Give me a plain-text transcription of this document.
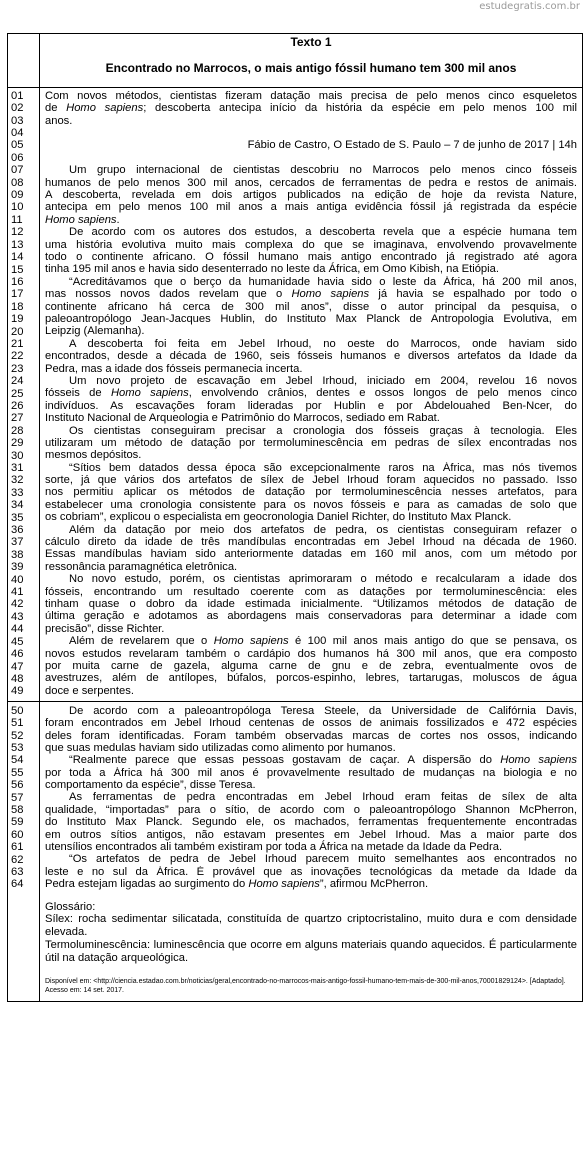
estudegratis.com.br
Texto 1
Encontrado no Marrocos, o mais antigo fóssil humano tem 300 mil anos
01
02
03
04
05
06
07
08
09
10
11
12
13
14
15
16
17
18
19
20
21
22
23
24
25
26
27
28
29
30
31
32
33
34
35
36
37
38
39
40
41
42
43
44
45
46
47
48
49
Com novos métodos, cientistas fizeram datação mais precisa de pelo menos cinco esqueletos
de Homo sapiens; descoberta antecipa início da história da espécie em pelo menos 100 mil
anos.

Fábio de Castro, O Estado de S. Paulo – 7 de junho de 2017 | 14h

Um grupo internacional de cientistas descobriu no Marrocos pelo menos cinco fósseis
humanos de pelo menos 300 mil anos, cercados de ferramentas de pedra e restos de animais.
A descoberta, revelada em dois artigos publicados na edição de hoje da revista Nature,
antecipa em pelo menos 100 mil anos a mais antiga evidência fóssil já registrada da espécie
Homo sapiens.
De acordo com os autores dos estudos, a descoberta revela que a espécie humana tem
uma história evolutiva muito mais complexa do que se imaginava, envolvendo provavelmente
todo o continente africano. O fóssil humano mais antigo encontrado já registrado até agora
tinha 195 mil anos e havia sido desenterrado no leste da África, em Omo Kibish, na Etiópia.
“Acreditávamos que o berço da humanidade havia sido o leste da África, há 200 mil anos,
mas nossos novos dados revelam que o Homo sapiens já havia se espalhado por todo o
continente africano há cerca de 300 mil anos”, disse o autor principal da pesquisa, o
paleoantropólogo Jean-Jacques Hublin, do Instituto Max Planck de Antropologia Evolutiva, em
Leipzig (Alemanha).
A descoberta foi feita em Jebel Irhoud, no oeste do Marrocos, onde haviam sido
encontrados, desde a década de 1960, seis fósseis humanos e diversos artefatos da Idade da
Pedra, mas a idade dos fósseis permanecia incerta.
Um novo projeto de escavação em Jebel Irhoud, iniciado em 2004, revelou 16 novos
fósseis de Homo sapiens, envolvendo crânios, dentes e ossos longos de pelo menos cinco
indivíduos. As escavações foram lideradas por Hublin e por Abdelouahed Ben-Ncer, do
Instituto Nacional de Arqueologia e Patrimônio do Marrocos, sediado em Rabat.
Os cientistas conseguiram precisar a cronologia dos fósseis graças à tecnologia. Eles
utilizaram um método de datação por termoluminescência em pedras de sílex encontradas nos
mesmos depósitos.
“Sítios bem datados dessa época são excepcionalmente raros na África, mas nós tivemos
sorte, já que vários dos artefatos de sílex de Jebel Irhoud foram aquecidos no passado. Isso
nos permitiu aplicar os métodos de datação por termoluminescência nesses artefatos, para
estabelecer uma cronologia consistente para os novos fósseis e para as camadas de solo que
os cobriam”, explicou o especialista em geocronologia Daniel Richter, do Instituto Max Planck.
Além da datação por meio dos artefatos de pedra, os cientistas conseguiram refazer o
cálculo direto da idade de três mandíbulas encontradas em Jebel Irhoud na década de 1960.
Essas mandíbulas haviam sido anteriormente datadas em 160 mil anos, com um método por
ressonância paramagnética eletrônica.
No novo estudo, porém, os cientistas aprimoraram o método e recalcularam a idade dos
fósseis, encontrando um resultado coerente com as datações por termoluminescência: eles
tinham quase o dobro da idade estimada inicialmente. “Utilizamos métodos de datação de
última geração e adotamos as abordagens mais conservadoras para determinar a idade com
precisão”, disse Richter.
Além de revelarem que o Homo sapiens é 100 mil anos mais antigo do que se pensava, os
novos estudos revelaram também o cardápio dos humanos há 300 mil anos, que era composto
por muita carne de gazela, alguma carne de gnu e de zebra, eventualmente ovos de
avestruzes, além de antílopes, búfalos, porcos-espinho, lebres, tartarugas, moluscos de água
doce e serpentes.
50
51
52
53
54
55
56
57
58
59
60
61
62
63
64
De acordo com a paleoantropóloga Teresa Steele, da Universidade de Califórnia Davis,
foram encontrados em Jebel Irhoud centenas de ossos de animais fossilizados e 472 espécies
deles foram identificadas. Foram também observadas marcas de cortes nos ossos, indicando
que suas medulas haviam sido utilizadas como alimento por humanos.
“Realmente parece que essas pessoas gostavam de caçar. A dispersão do Homo sapiens
por toda a África há 300 mil anos é provavelmente resultado de mudanças na biologia e no
comportamento da espécie”, disse Teresa.
As ferramentas de pedra encontradas em Jebel Irhoud eram feitas de sílex de alta
qualidade, “importadas” para o sítio, de acordo com o paleoantropólogo Shannon McPherron,
do Instituto Max Planck. Segundo ele, os machados, ferramentas frequentemente encontradas
em outros sítios antigos, não estavam presentes em Jebel Irhoud. Mas a maior parte dos
utensílios encontrados ali também existiram por toda a África na metade da Idade da Pedra.
“Os artefatos de pedra de Jebel Irhoud parecem muito semelhantes aos encontrados no
leste e no sul da África. É provável que as inovações tecnológicas da metade da Idade da
Pedra estejam ligadas ao surgimento do Homo sapiens”, afirmou McPherron.
Glossário:
Sílex: rocha sedimentar silicatada, constituída de quartzo criptocristalino, muito dura e com densidade elevada.
Termoluminescência: luminescência que ocorre em alguns materiais quando aquecidos. É particularmente útil na datação arqueológica.
Disponível em: <http://ciencia.estadao.com.br/noticias/geral,encontrado-no-marrocos-mais-antigo-fossil-humano-tem-mais-de-300-mil-anos,70001829124>. [Adaptado]. Acesso em: 14 set. 2017.
